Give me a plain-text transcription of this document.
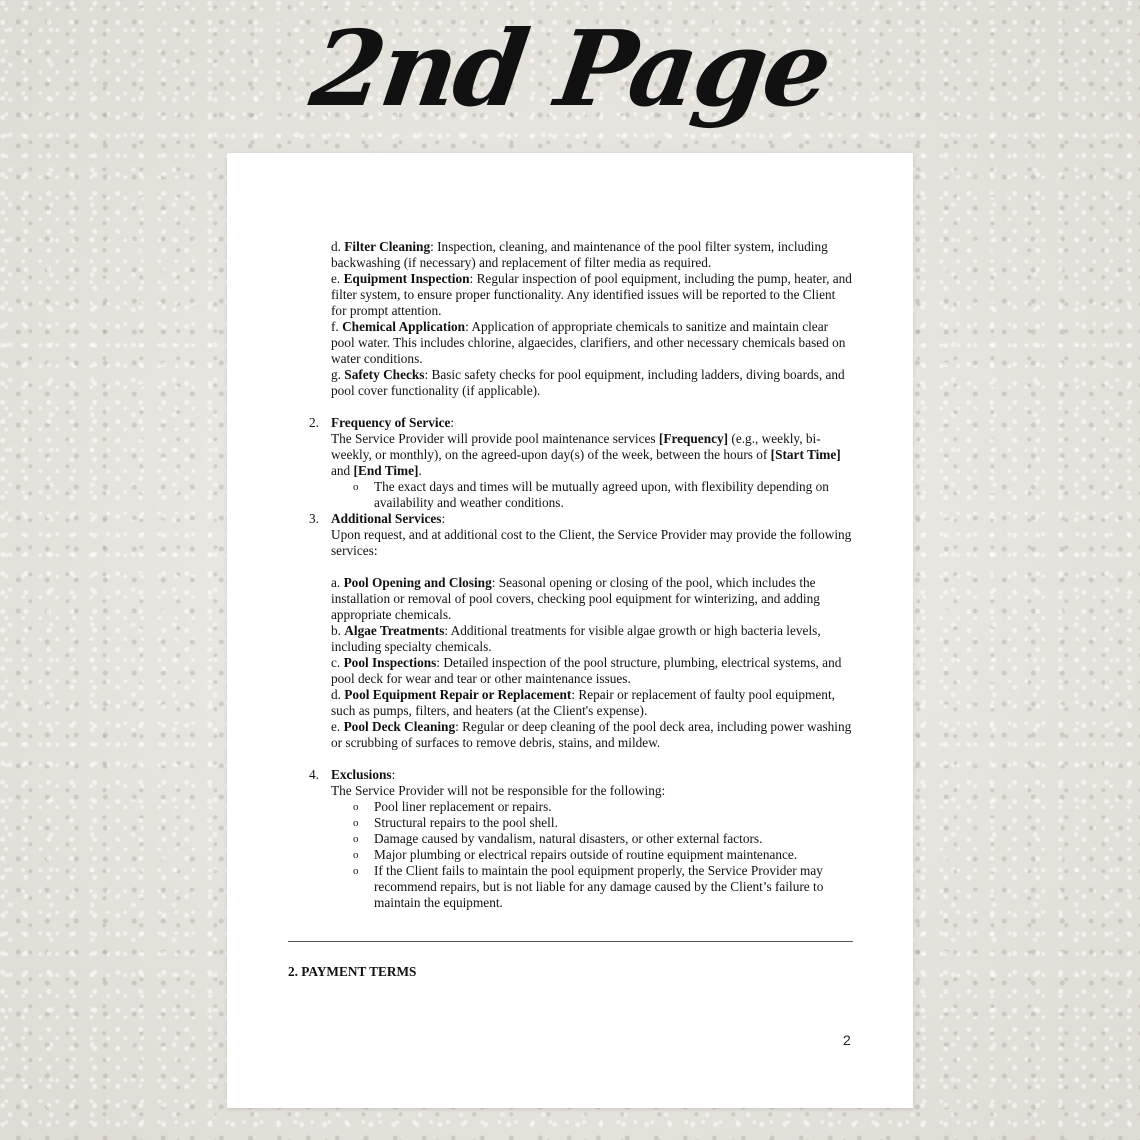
2nd Page

d. Filter Cleaning: Inspection, cleaning, and maintenance of the pool filter system, including backwashing (if necessary) and replacement of filter media as required.

e. Equipment Inspection: Regular inspection of pool equipment, including the pump, heater, and filter system, to ensure proper functionality. Any identified issues will be reported to the Client for prompt attention.

f. Chemical Application: Application of appropriate chemicals to sanitize and maintain clear pool water. This includes chlorine, algaecides, clarifiers, and other necessary chemicals based on water conditions.

g. Safety Checks: Basic safety checks for pool equipment, including ladders, diving boards, and pool cover functionality (if applicable).

2. Frequency of Service:

The Service Provider will provide pool maintenance services [Frequency] (e.g., weekly, bi-weekly, or monthly), on the agreed-upon day(s) of the week, between the hours of [Start Time] and [End Time].

o The exact days and times will be mutually agreed upon, with flexibility depending on availability and weather conditions.
3. Additional Services:

Upon request, and at additional cost to the Client, the Service Provider may provide the following services:

a. Pool Opening and Closing: Seasonal opening or closing of the pool, which includes the installation or removal of pool covers, checking pool equipment for winterizing, and adding appropriate chemicals.

b. Algae Treatments: Additional treatments for visible algae growth or high bacteria levels, including specialty chemicals.

c. Pool Inspections: Detailed inspection of the pool structure, plumbing, electrical systems, and pool deck for wear and tear or other maintenance issues.

d. Pool Equipment Repair or Replacement: Repair or replacement of faulty pool equipment, such as pumps, filters, and heaters (at the Client's expense).

e. Pool Deck Cleaning: Regular or deep cleaning of the pool deck area, including power washing or scrubbing of surfaces to remove debris, stains, and mildew.

4. Exclusions:

The Service Provider will not be responsible for the following:

o Pool liner replacement or repairs.
o Structural repairs to the pool shell.
o Damage caused by vandalism, natural disasters, or other external factors.
o Major plumbing or electrical repairs outside of routine equipment maintenance.
o If the Client fails to maintain the pool equipment properly, the Service Provider may recommend repairs, but is not liable for any damage caused by the Client’s failure to maintain the equipment.
2. PAYMENT TERMS
2
